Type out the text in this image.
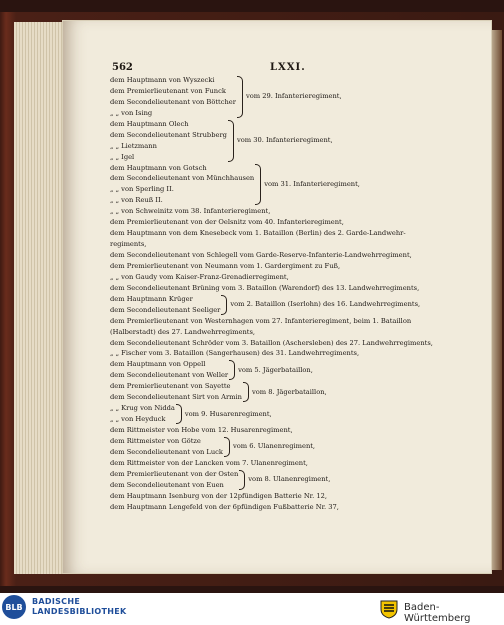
562	LXXI.
dem Hauptmann von Wyszecki
dem Premierlieutenant von Funck
dem Secondelieutenant von Böttcher
„ „ von Ising
vom 29. Infanterieregiment,
dem Hauptmann Olech
dem Secondelieutenant Strubberg
„ „ Lietzmann
„ „ Igel
vom 30. Infanterieregiment,
dem Hauptmann von Gotsch
dem Secondelieutenant von Münchhausen
„ „ von Sperling II.
„ „ von Reuß II.
vom 31. Infanterieregiment,
„ „ von Schweinitz vom 38. Infanterieregiment,
dem Premierlieutenant von der Oelsnitz vom 40. Infanterieregiment,
dem Hauptmann von dem Knesebeck vom 1. Bataillon (Berlin) des 2. Garde-Landwehr-
regiments,
dem Secondelieutenant von Schlegell vom Garde-Reserve-Infanterie-Landwehrregiment,
dem Premierlieutenant von Neumann vom 1. Gardergiment zu Fuß,
„ „ von Gaudy vom Kaiser-Franz-Grenadierregiment,
dem Secondelieutenant Brüning vom 3. Bataillon (Warendorf) des 13. Landwehrregiments,
dem Hauptmann Krüger
dem Secondelieutenant Seeliger
vom 2. Bataillon (Iserlohn) des 16. Landwehrregiments,
dem Premierlieutenant von Westernhagen vom 27. Infanterieregiment, beim 1. Bataillon
(Halberstadt) des 27. Landwehrregiments,
dem Secondelieutenant Schröder vom 3. Bataillon (Aschersleben) des 27. Landwehrregiments,
„ „ Fischer vom 3. Bataillon (Sangerhausen) des 31. Landwehrregiments,
dem Hauptmann von Oppell
dem Secondelieutenant von Weller
vom 5. Jägerbataillon,
dem Premierlieutenant von Sayette
dem Secondelieutenant Sirt von Armin
vom 8. Jägerbataillon,
„ „ Krug von Nidda
„ „ von Heyduck
vom 9. Husarenregiment,
dem Rittmeister von Hobe vom 12. Husarenregiment,
dem Rittmeister von Götze
dem Secondelieutenant von Luck
vom 6. Ulanenregiment,
dem Rittmeister von der Lancken vom 7. Ulanenregiment,
dem Premierlieutenant von der Osten
dem Secondelieutenant von Euen
vom 8. Ulanenregiment,
dem Hauptmann Isenburg von der 12pfündigen Batterie Nr. 12,
dem Hauptmann Lengefeld von der 6pfündigen Fußbatterie Nr. 37,
BLB
BADISCHE
LANDESBIBLIOTHEK	Baden-Württemberg
